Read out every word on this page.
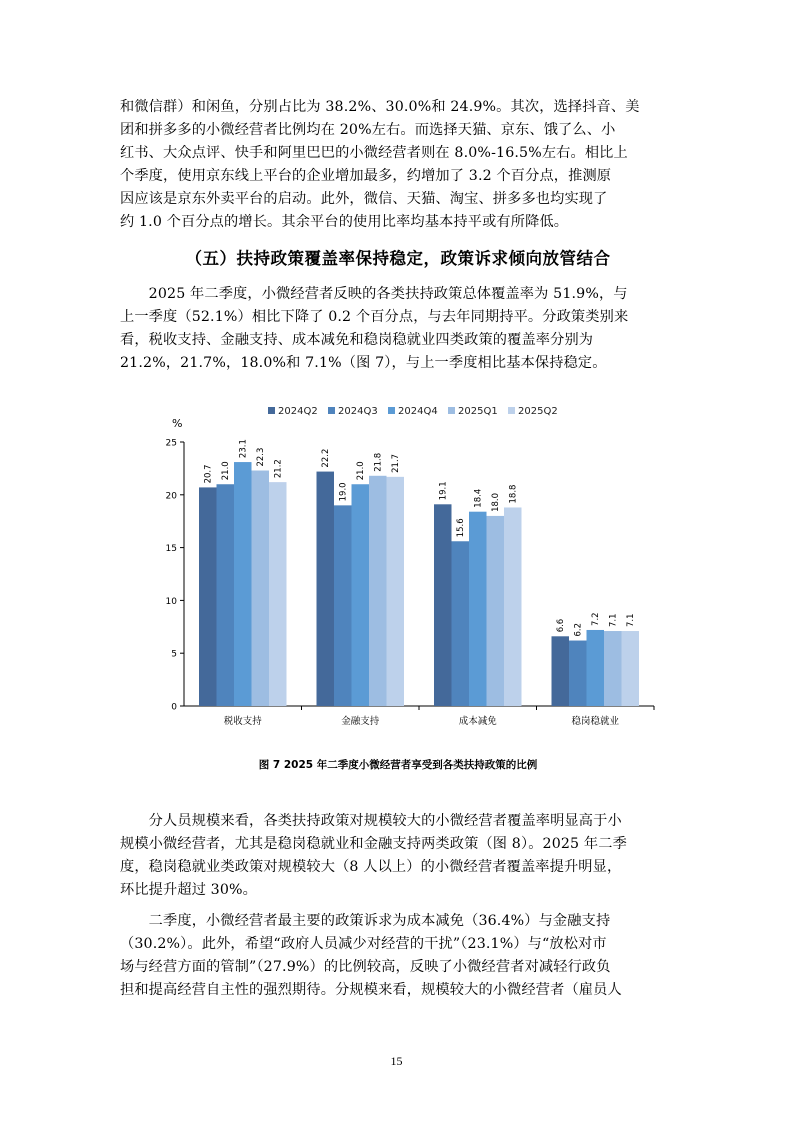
和微信群）和闲鱼，分别占比为 38.2%、30.0%和 24.9%。其次，选择抖音、美
团和拼多多的小微经营者比例均在 20%左右。而选择天猫、京东、饿了么、小
红书、大众点评、快手和阿里巴巴的小微经营者则在 8.0%-16.5%左右。相比上
个季度，使用京东线上平台的企业增加最多，约增加了 3.2 个百分点，推测原
因应该是京东外卖平台的启动。此外，微信、天猫、淘宝、拼多多也均实现了
约 1.0 个百分点的增长。其余平台的使用比率均基本持平或有所降低。
（五）扶持政策覆盖率保持稳定，政策诉求倾向放管结合
　　2025 年二季度，小微经营者反映的各类扶持政策总体覆盖率为 51.9%，与
上一季度（52.1%）相比下降了 0.2 个百分点，与去年同期持平。分政策类别来
看，税收支持、金融支持、成本减免和稳岗稳就业四类政策的覆盖率分别为
21.2%，21.7%，18.0%和 7.1%（图 7），与上一季度相比基本保持稳定。
%
0
5
10
15
20
25
2024Q2 2024Q3 2024Q4 2025Q1 2025Q2
20.7 21.0
23.1 22.3
21.2
税收支持
22.2
19.0
21.0 21.8 21.7
金融支持
19.1
15.6
18.4 18.0 18.8
成本减免
6.6 6.2
7.2 7.1 7.1
稳岗稳就业
图 7 2025 年二季度小微经营者享受到各类扶持政策的比例
　　分人员规模来看，各类扶持政策对规模较大的小微经营者覆盖率明显高于小
规模小微经营者，尤其是稳岗稳就业和金融支持两类政策（图 8）。2025 年二季
度，稳岗稳就业类政策对规模较大（8 人以上）的小微经营者覆盖率提升明显，
环比提升超过 30%。
　　二季度，小微经营者最主要的政策诉求为成本减免（36.4%）与金融支持
（30.2%）。此外，希望“政府人员减少对经营的干扰”（23.1%）与“放松对市
场与经营方面的管制”（27.9%）的比例较高，反映了小微经营者对减轻行政负
担和提高经营自主性的强烈期待。分规模来看，规模较大的小微经营者（雇员人
15
